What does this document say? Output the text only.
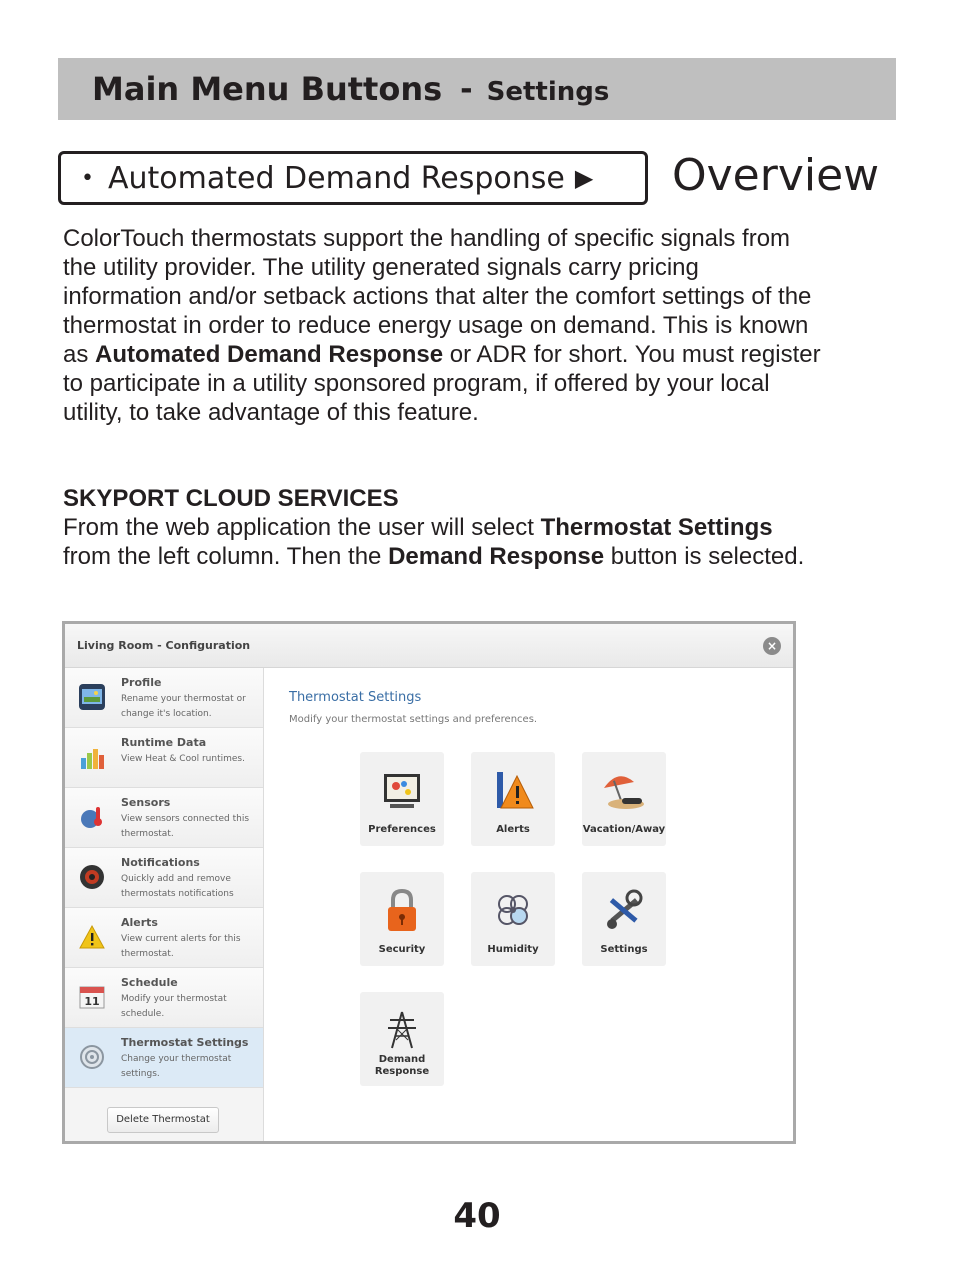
Main Menu Buttons - Settings
• Automated Demand Response ▶ Overview

ColorTouch thermostats support the handling of specific signals from the utility provider. The utility generated signals carry pricing information and/or setback actions that alter the comfort settings of the thermostat in order to reduce energy usage on demand. This is known as Automated Demand Response or ADR for short. You must register to participate in a utility sponsored program, if offered by your local utility, to take advantage of this feature.

SKYPORT CLOUD SERVICES

From the web application the user will select Thermostat Settings from the left column. Then the Demand Response button is selected.

Living Room - Configuration	×
Profile
Rename your thermostat or change it's location.
Runtime Data
View Heat & Cool runtimes.
Sensors
View sensors connected this thermostat.
Notifications
Quickly add and remove thermostats notifications
Alerts
View current alerts for this thermostat.
11
Schedule
Modify your thermostat schedule.
Thermostat Settings
Change your thermostat settings.
Delete Thermostat
Thermostat Settings
Modify your thermostat settings and preferences.
Preferences	Alerts	Vacation/Away
Security	Humidity	Settings
Demand Response
40
